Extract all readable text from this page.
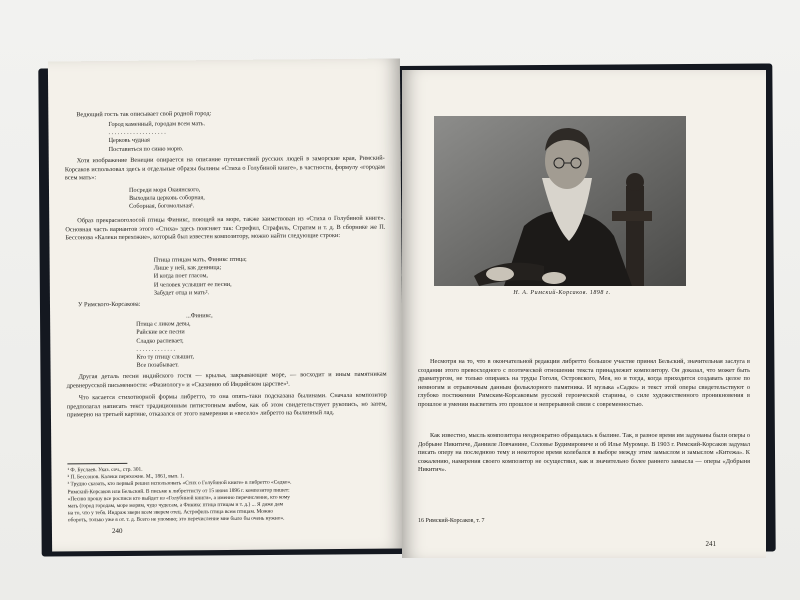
Ведющий гость так описывает свой родной город:

Город каменный, городам всем мать.
. . . . . . . . . . . . . . . . . . .
Церковь чудная
Поставиться по синю морю.

Хотя изображение Венеции опирается на описание путешествий русских людей в заморские края, Римский-Корсаков использовал здесь и отдельные образы былины «Стиха о Голубиной книге», в частности, формулу «городам всем мать»:

Посреди моря Окиянского,
Выходила церковь соборная,
Соборная, богомольная¹.

Образ прекрасноголосой птицы Финикс, поющей на море, также заимствован из «Стиха о Голубиной книге». Основная часть вариантов этого «Стиха» здесь поясняет так: Сгрефил, Страфиль, Стратим и т. д. В сборнике же П. Бессонова «Калеки перехожие», который был известен композитору, можно найти следующие строки:

Птица птицам мать, Финикс птица;
Лише у ней, как денница;
И когда поет гласом,
И человек услышит ее песни,
Забудет отца и мать².

У Римского-Корсакова:

...Финикс,
Птица с ликом девы,
Райские все песни
Сладко распевает,
. . . . . . . . . . . . .
Кто ту птицу слышит,
Все позабывает.

Другая деталь песни индийского гостя — крылья, закрывающие море, — восходит и иным памятникам древнерусской письменности: «Физиологу» и «Сказанию об Индийском царстве»³.

Что касается стихотворной формы либретто, то она опять-таки подсказана былинами. Сначала композитор предполагал написать текст традиционным пятистопным ямбом, как об этом свидетельствует рукопись, но затем, примерно на третьей картине, отказался от этого намерения и «весело» либретто на былинный лад.

¹ Ф. Буслаев. Указ. соч., стр. 301.
² П. Бессонов. Калеки перехожие. М., 1861, вып. 1.
³ Трудно сказать, кто первый решил использовать «Стих о Голубиной книге» в либретто «Садко».
Римский-Корсаков или Бельский. В письме к либреттисту от 15 июня 1896 г. композитор пишет:
«Песню прошу все росписи кто выйдет из «Голубиной книги», а именно перечисление, кто кому
мать (город городам, море морям, чудо чудесам, а Финикс птица птицам и т. д.) ... Я даже дам
на то, что у тебя. Индраж звери всем зверем отец. Астрофиль птица всем птицам. Можно
обороть, только уже я от. т. д. Всего не упомню; это перечисление мне было бы очень нужно».
240
Н. А. Римский-Корсаков. 1898 г.

Несмотря на то, что в окончательной редакции либретто большое участие принял Бельский, значительная заслуга в создании этого превосходного с поэтической отношении текста принадлежит композитору. Он доказал, что может быть драматургом, не только опираясь на труды Гоголя, Островского, Мея, но и тогда, когда приходится создавать целое по немногим и отрывочным данным фольклорного памятника. И музыка «Садко» и текст этой оперы свидетельствуют о глубоко постижении Римским-Корсаковым русской героической старины, о силе художественного проникновения в прошлое и умении высветить это прошлое и непрерывной связи с современностью.

Как известно, мысль композитора неоднократно обращалась к былине. Так, в разное время им задуманы были оперы о Добрыне Никитиче, Данииле Ловчанине, Соловье Будимировиче и об Илье Муромце. В 1903 г. Римский-Корсаков задумал писать оперу на последнюю тему и некоторое время колебался в выборе между этим замыслом и замыслом «Китежа». К сожалению, намерения своего композитор не осуществил, как и значительно более раннего замысла — оперы «Добрыня Никитич».

16 Римский-Корсаков, т. 7
241
